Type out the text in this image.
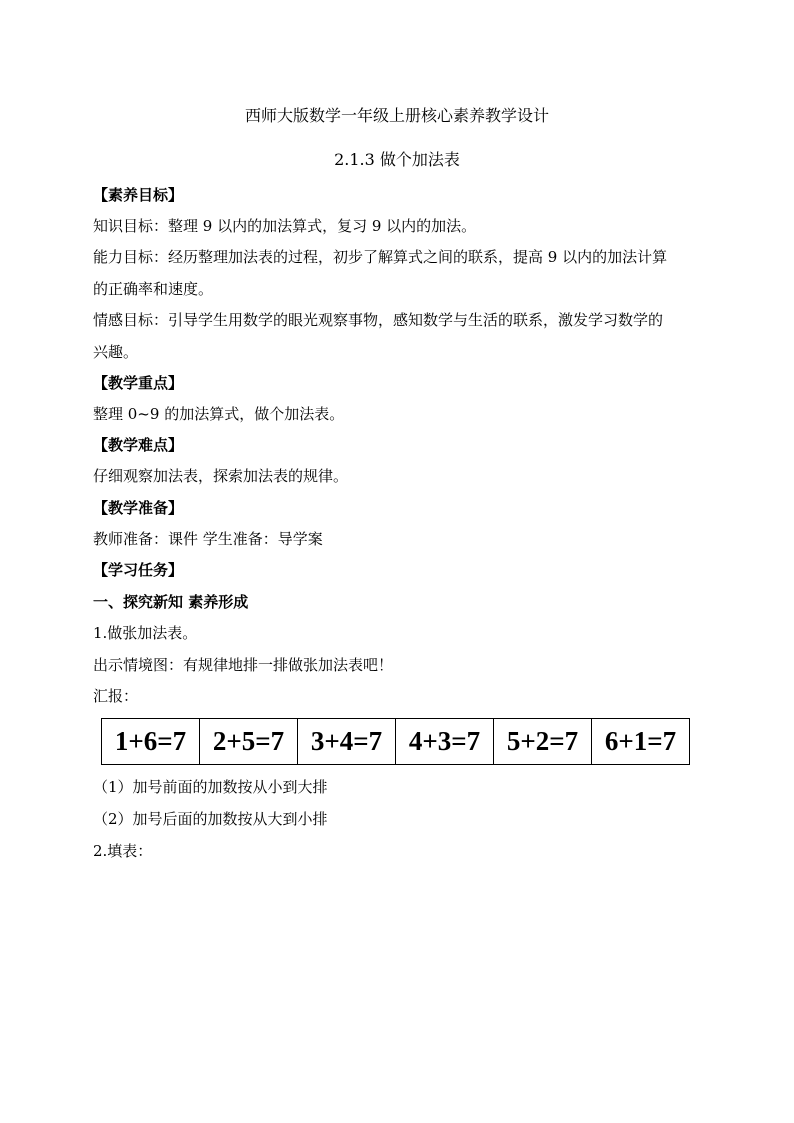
西师大版数学一年级上册核心素养教学设计
2.1.3 做个加法表
【素养目标】
知识目标：整理 9 以内的加法算式，复习 9 以内的加法。
能力目标：经历整理加法表的过程，初步了解算式之间的联系，提高 9 以内的加法计算
的正确率和速度。
情感目标：引导学生用数学的眼光观察事物，感知数学与生活的联系，激发学习数学的
兴趣。
【教学重点】
整理 0~9 的加法算式，做个加法表。
【教学难点】
仔细观察加法表，探索加法表的规律。
【教学准备】
教师准备：课件 学生准备：导学案
【学习任务】
一、探究新知 素养形成
1.做张加法表。
出示情境图：有规律地排一排做张加法表吧！
汇报：
1+6=7	2+5=7	3+4=7	4+3=7	5+2=7	6+1=7
（1）加号前面的加数按从小到大排
（2）加号后面的加数按从大到小排
2.填表：
